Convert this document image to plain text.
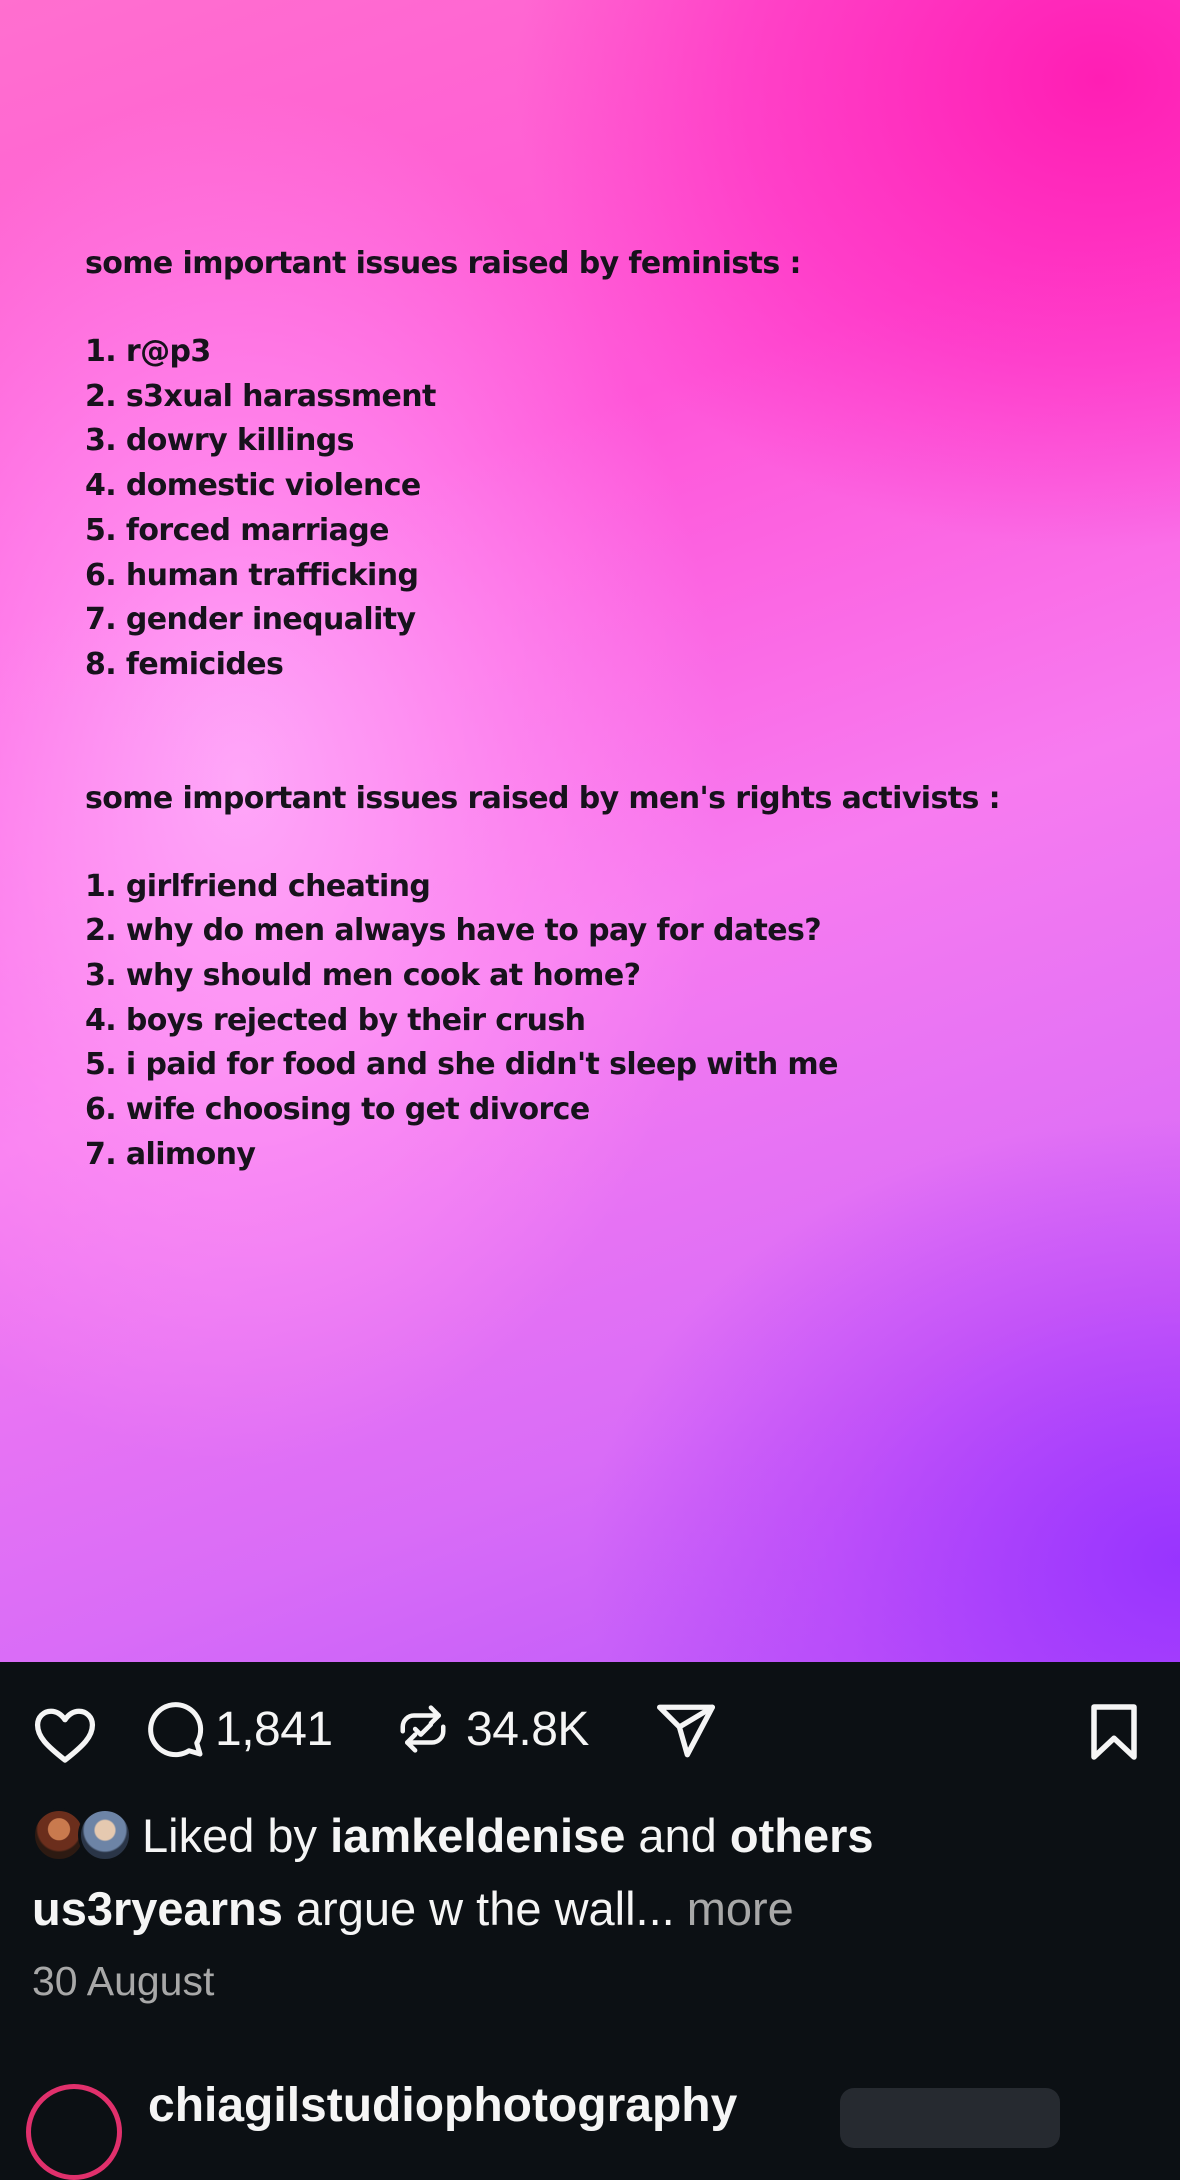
some important issues raised by feminists :
1. r@p3
2. s3xual harassment
3. dowry killings
4. domestic violence
5. forced marriage
6. human trafficking
7. gender inequality
8. femicides
some important issues raised by men's rights activists :
1. girlfriend cheating
2. why do men always have to pay for dates?
3. why should men cook at home?
4. boys rejected by their crush
5. i paid for food and she didn't sleep with me
6. wife choosing to get divorce
7. alimony
1,841	34.8K
Liked by
iamkeldenise
and
others
us3ryearns
argue w the wall... more
30 August
chiagilstudiophotography
